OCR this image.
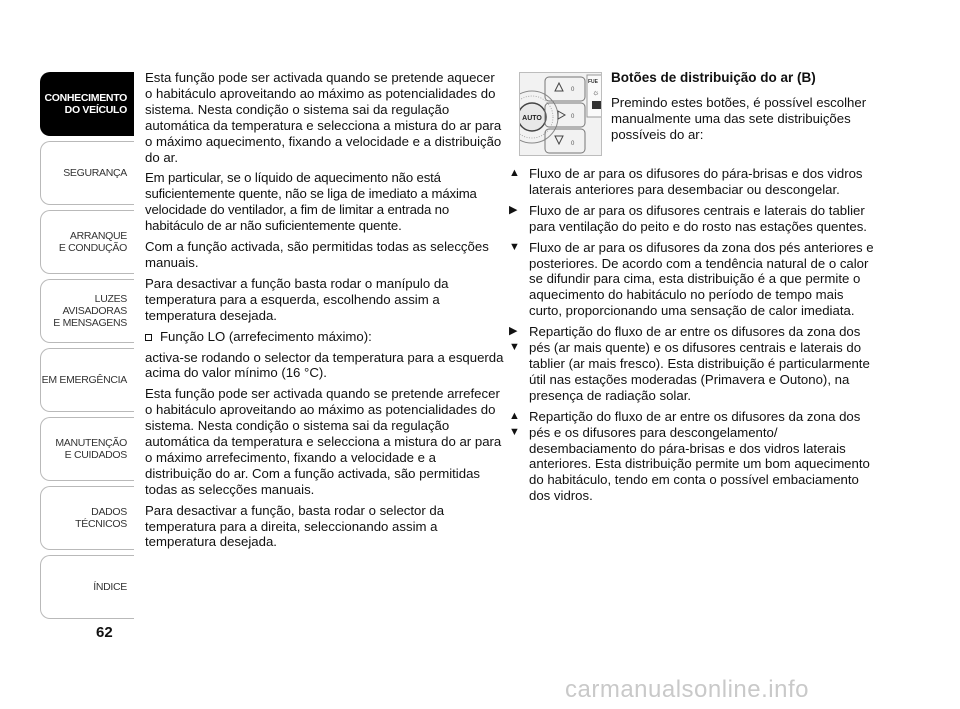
CONHECIMENTO
DO VEÍCULO
SEGURANÇA
ARRANQUE
E CONDUÇÃO
LUZES
AVISADORAS
E MENSAGENS
EM EMERGÊNCIA
MANUTENÇÃO
E CUIDADOS
DADOS
TÉCNICOS
ÍNDICE
62

Esta função pode ser activada quando se pretende aquecer o habitáculo aproveitando ao máximo as potencialidades do sistema. Nesta condição o sistema sai da regulação automática da temperatura e selecciona a mistura do ar para o máximo aquecimento, fixando a velocidade e a distribuição do ar.

Em particular, se o líquido de aquecimento não está suficientemente quente, não se liga de imediato a máxima velocidade do ventilador, a fim de limitar a entrada no habitáculo de ar não suficientemente quente.

Com a função activada, são permitidas todas as selecções manuais.

Para desactivar a função basta rodar o manípulo da temperatura para a esquerda, escolhendo assim a temperatura desejada.

Função LO (arrefecimento máximo):

activa-se rodando o selector da temperatura para a esquerda acima do valor mínimo (16 °C).

Esta função pode ser activada quando se pretende arrefecer o habitáculo aproveitando ao máximo as potencialidades do sistema. Nesta condição o sistema sai da regulação automática da temperatura e selecciona a mistura do ar para o máximo arrefecimento, fixando a velocidade e a distribuição do ar. Com a função activada, são permitidas todas as selecções manuais.

Para desactivar a função, basta rodar o selector da temperatura para a direita, seleccionando assim a temperatura desejada.

AUTO
0
0
0
FUE
☼
Botões de distribuição do ar (B)

Premindo estes botões, é possível escolher manualmente uma das sete distribuições possíveis do ar:

▲ Fluxo de ar para os difusores do pára-brisas e dos vidros laterais anteriores para desembaciar ou descongelar.
▶ Fluxo de ar para os difusores centrais e laterais do tablier para ventilação do peito e do rosto nas estações quentes.
▼ Fluxo de ar para os difusores da zona dos pés anteriores e posteriores. De acordo com a tendência natural de o calor se difundir para cima, esta distribuição é a que permite o aquecimento do habitáculo no período de tempo mais curto, proporcionando uma sensação de calor imediata.
▶
▼
Repartição do fluxo de ar entre os difusores da zona dos pés (ar mais quente) e os difusores centrais e laterais do tablier (ar mais fresco). Esta distribuição é particularmente útil nas estações moderadas (Primavera e Outono), na presença de radiação solar.
▲
▼
Repartição do fluxo de ar entre os difusores da zona dos pés e os difusores para descongelamento/ desembaciamento do pára-brisas e dos vidros laterais anteriores. Esta distribuição permite um bom aquecimento do habitáculo, tendo em conta o possível embaciamento dos vidros.
carmanualsonline.info
